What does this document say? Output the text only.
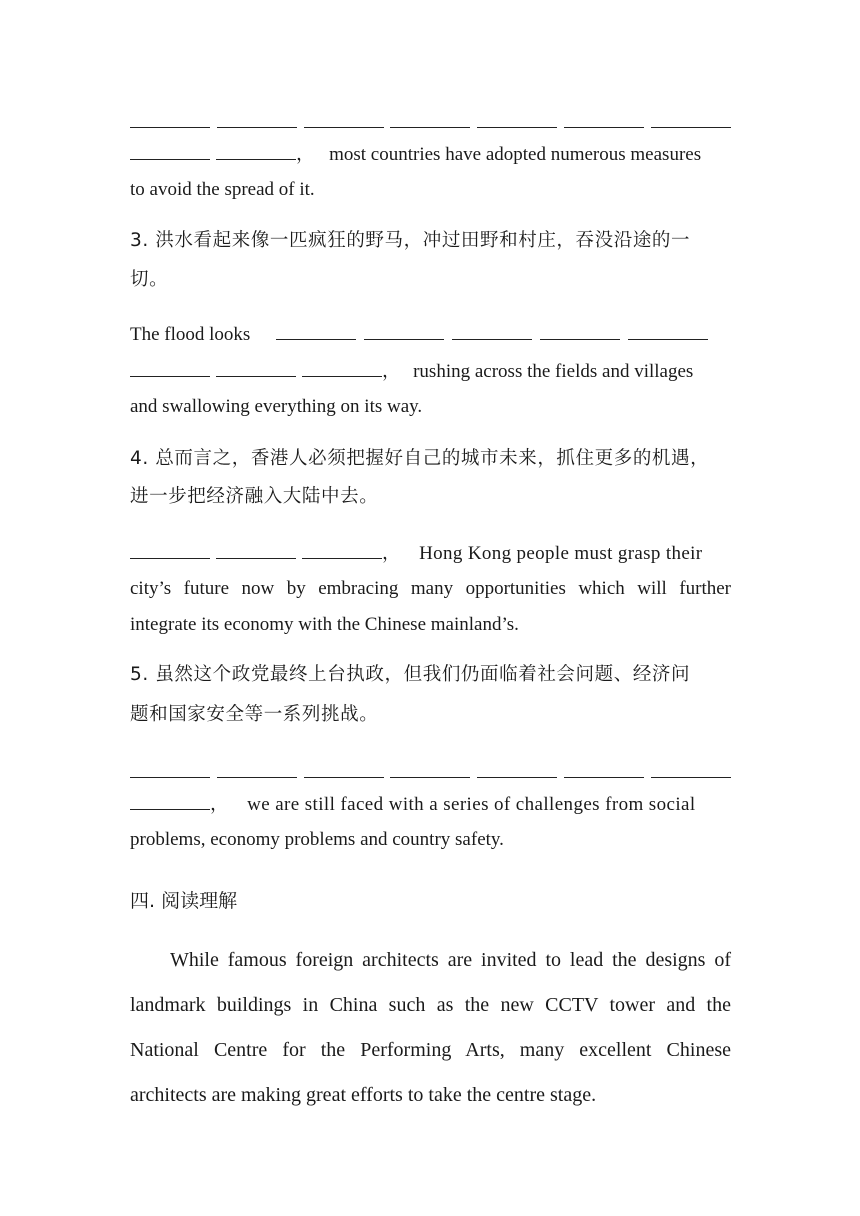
， most countries have adopted numerous measures
to avoid the spread of it.
3. 洪水看起来像一匹疯狂的野马，冲过田野和村庄，吞没沿途的一
切。
The flood looks
， rushing across the fields and villages
and swallowing everything on its way.
4. 总而言之，香港人必须把握好自己的城市未来，抓住更多的机遇，
进一步把经济融入大陆中去。
， Hong Kong people must grasp their
city’s future now by embracing many opportunities which will further
integrate its economy with the Chinese mainland’s.
5. 虽然这个政党最终上台执政，但我们仍面临着社会问题、经济问
题和国家安全等一系列挑战。
， we are still faced with a series of challenges from social
problems, economy problems and country safety.
四. 阅读理解
While famous foreign architects are invited to lead the designs of
landmark buildings in China such as the new CCTV tower and the
National Centre for the Performing Arts, many excellent Chinese
architects are making great efforts to take the centre stage.
